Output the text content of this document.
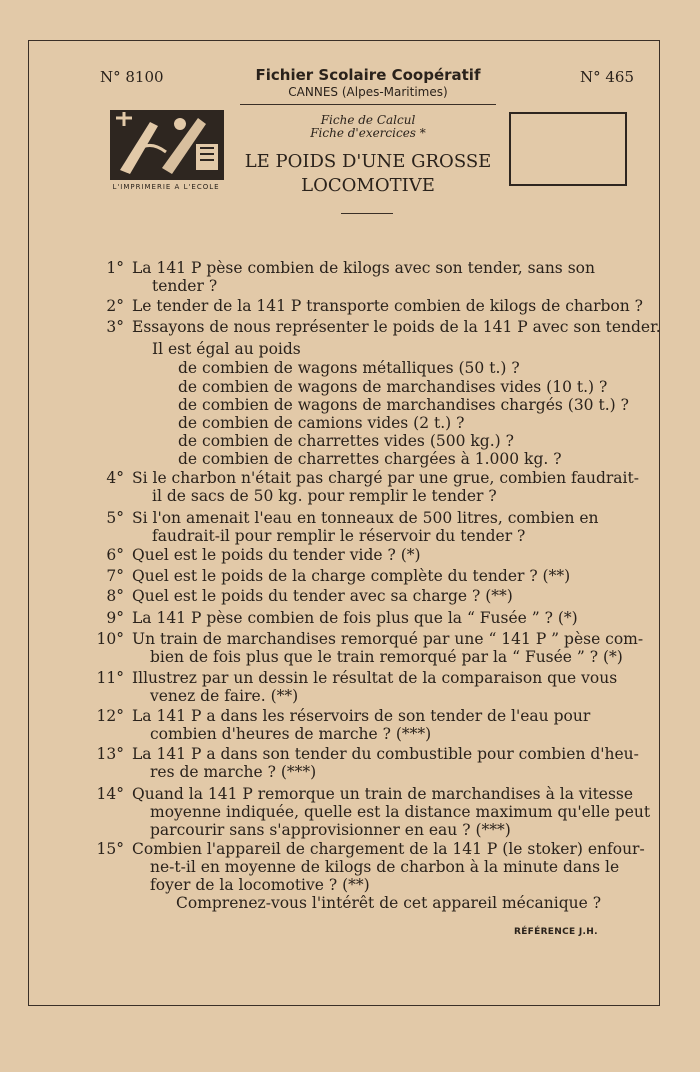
N° 8100	N° 465
Fichier Scolaire Coopératif
CANNES (Alpes-Maritimes)
L'IMPRIMERIE A L'ECOLE
Fiche de Calcul
Fiche d'exercices *
LE POIDS D'UNE GROSSE
LOCOMOTIVE
1° La 141 P pèse combien de kilogs avec son tender, sans son
tender ?
2° Le tender de la 141 P transporte combien de kilogs de charbon ?
3° Essayons de nous représenter le poids de la 141 P avec son tender.
Il est égal au poids
de combien de wagons métalliques (50 t.) ?
de combien de wagons de marchandises vides (10 t.) ?
de combien de wagons de marchandises chargés (30 t.) ?
de combien de camions vides (2 t.) ?
de combien de charrettes vides (500 kg.) ?
de combien de charrettes chargées à 1.000 kg. ?
4° Si le charbon n'était pas chargé par une grue, combien faudrait-
il de sacs de 50 kg. pour remplir le tender ?
5° Si l'on amenait l'eau en tonneaux de 500 litres, combien en
faudrait-il pour remplir le réservoir du tender ?
6° Quel est le poids du tender vide ? (*)
7° Quel est le poids de la charge complète du tender ? (**)
8° Quel est le poids du tender avec sa charge ? (**)
9° La 141 P pèse combien de fois plus que la “ Fusée ” ? (*)
10° Un train de marchandises remorqué par une “ 141 P ” pèse com-
bien de fois plus que le train remorqué par la “ Fusée ” ? (*)
11° Illustrez par un dessin le résultat de la comparaison que vous
venez de faire. (**)
12° La 141 P a dans les réservoirs de son tender de l'eau pour
combien d'heures de marche ? (***)
13° La 141 P a dans son tender du combustible pour combien d'heu-
res de marche ? (***)
14° Quand la 141 P remorque un train de marchandises à la vitesse
moyenne indiquée, quelle est la distance maximum qu'elle peut
parcourir sans s'approvisionner en eau ? (***)
15° Combien l'appareil de chargement de la 141 P (le stoker) enfour-
ne-t-il en moyenne de kilogs de charbon à la minute dans le
foyer de la locomotive ? (**)
Comprenez-vous l'intérêt de cet appareil mécanique ?
RÉFÉRENCE J.H.
